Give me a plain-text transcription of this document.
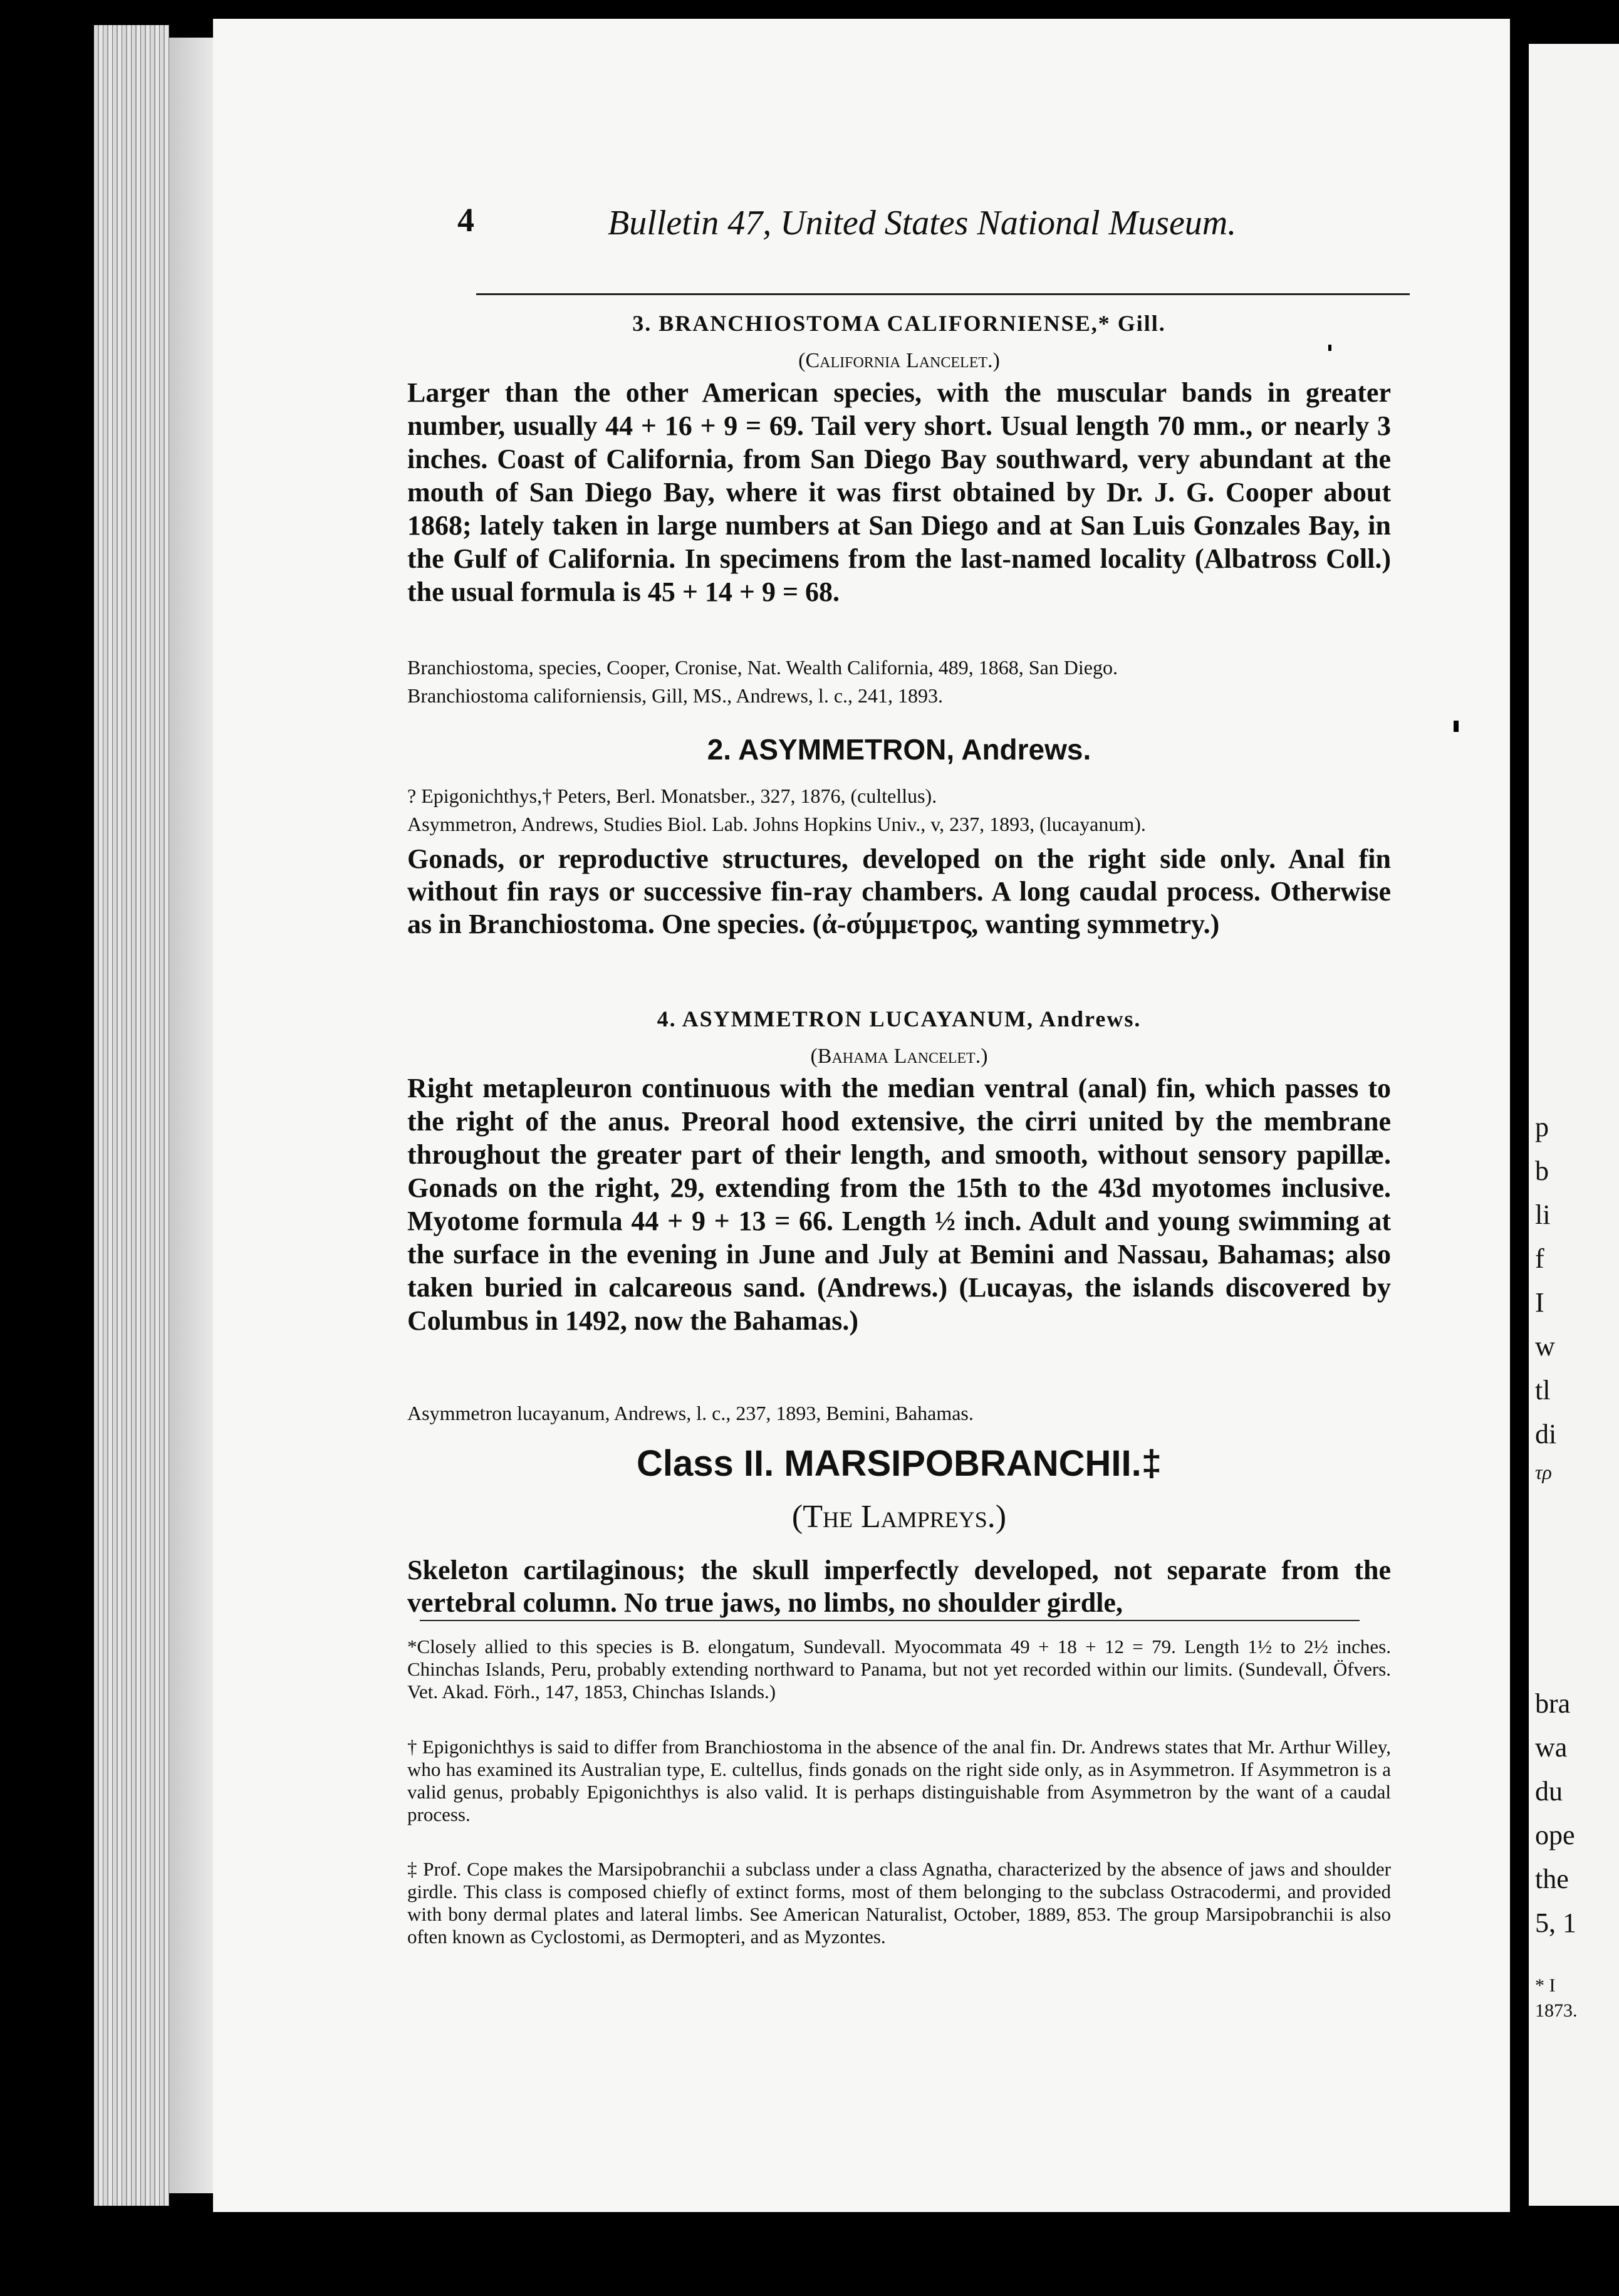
p
b
li
f
I
w
tl
di
τρ
bra
wa
du
ope
the
5, 1
* I
1873.
4	Bulletin 47, United States National Museum.
3. BRANCHIOSTOMA CALIFORNIENSE,* Gill.
(California Lancelet.)
Larger than the other American species, with the muscular bands in greater number, usually 44 + 16 + 9 = 69. Tail very short. Usual length 70 mm., or nearly 3 inches. Coast of California, from San Diego Bay southward, very abundant at the mouth of San Diego Bay, where it was first obtained by Dr. J. G. Cooper about 1868; lately taken in large numbers at San Diego and at San Luis Gonzales Bay, in the Gulf of California. In specimens from the last-named locality (Albatross Coll.) the usual formula is 45 + 14 + 9 = 68.
Branchiostoma, species, Cooper, Cronise, Nat. Wealth California, 489, 1868, San Diego.
Branchiostoma californiensis, Gill, MS., Andrews, l. c., 241, 1893.
2. ASYMMETRON, Andrews.
? Epigonichthys,† Peters, Berl. Monatsber., 327, 1876, (cultellus).
Asymmetron, Andrews, Studies Biol. Lab. Johns Hopkins Univ., v, 237, 1893, (lucayanum).
Gonads, or reproductive structures, developed on the right side only. Anal fin without fin rays or successive fin-ray chambers. A long caudal process. Otherwise as in Branchiostoma. One species. (ἀ-σύμμετρος, wanting symmetry.)
4. ASYMMETRON LUCAYANUM, Andrews.
(Bahama Lancelet.)
Right metapleuron continuous with the median ventral (anal) fin, which passes to the right of the anus. Preoral hood extensive, the cirri united by the membrane throughout the greater part of their length, and smooth, without sensory papillæ. Gonads on the right, 29, extending from the 15th to the 43d myotomes inclusive. Myotome formula 44 + 9 + 13 = 66. Length ½ inch. Adult and young swimming at the surface in the evening in June and July at Bemini and Nassau, Bahamas; also taken buried in calcareous sand. (Andrews.) (Lucayas, the islands discovered by Columbus in 1492, now the Bahamas.)
Asymmetron lucayanum, Andrews, l. c., 237, 1893, Bemini, Bahamas.
Class II. MARSIPOBRANCHII.‡
(The Lampreys.)
Skeleton cartilaginous; the skull imperfectly developed, not separate from the vertebral column. No true jaws, no limbs, no shoulder girdle,
*Closely allied to this species is B. elongatum, Sundevall. Myocommata 49 + 18 + 12 = 79. Length 1½ to 2½ inches. Chinchas Islands, Peru, probably extending northward to Panama, but not yet recorded within our limits. (Sundevall, Öfvers. Vet. Akad. Förh., 147, 1853, Chinchas Islands.)
† Epigonichthys is said to differ from Branchiostoma in the absence of the anal fin. Dr. Andrews states that Mr. Arthur Willey, who has examined its Australian type, E. cultellus, finds gonads on the right side only, as in Asymmetron. If Asymmetron is a valid genus, probably Epigonichthys is also valid. It is perhaps distinguishable from Asymmetron by the want of a caudal process.
‡ Prof. Cope makes the Marsipobranchii a subclass under a class Agnatha, characterized by the absence of jaws and shoulder girdle. This class is composed chiefly of extinct forms, most of them belonging to the subclass Ostracodermi, and provided with bony dermal plates and lateral limbs. See American Naturalist, October, 1889, 853. The group Marsipobranchii is also often known as Cyclostomi, as Dermopteri, and as Myzontes.
